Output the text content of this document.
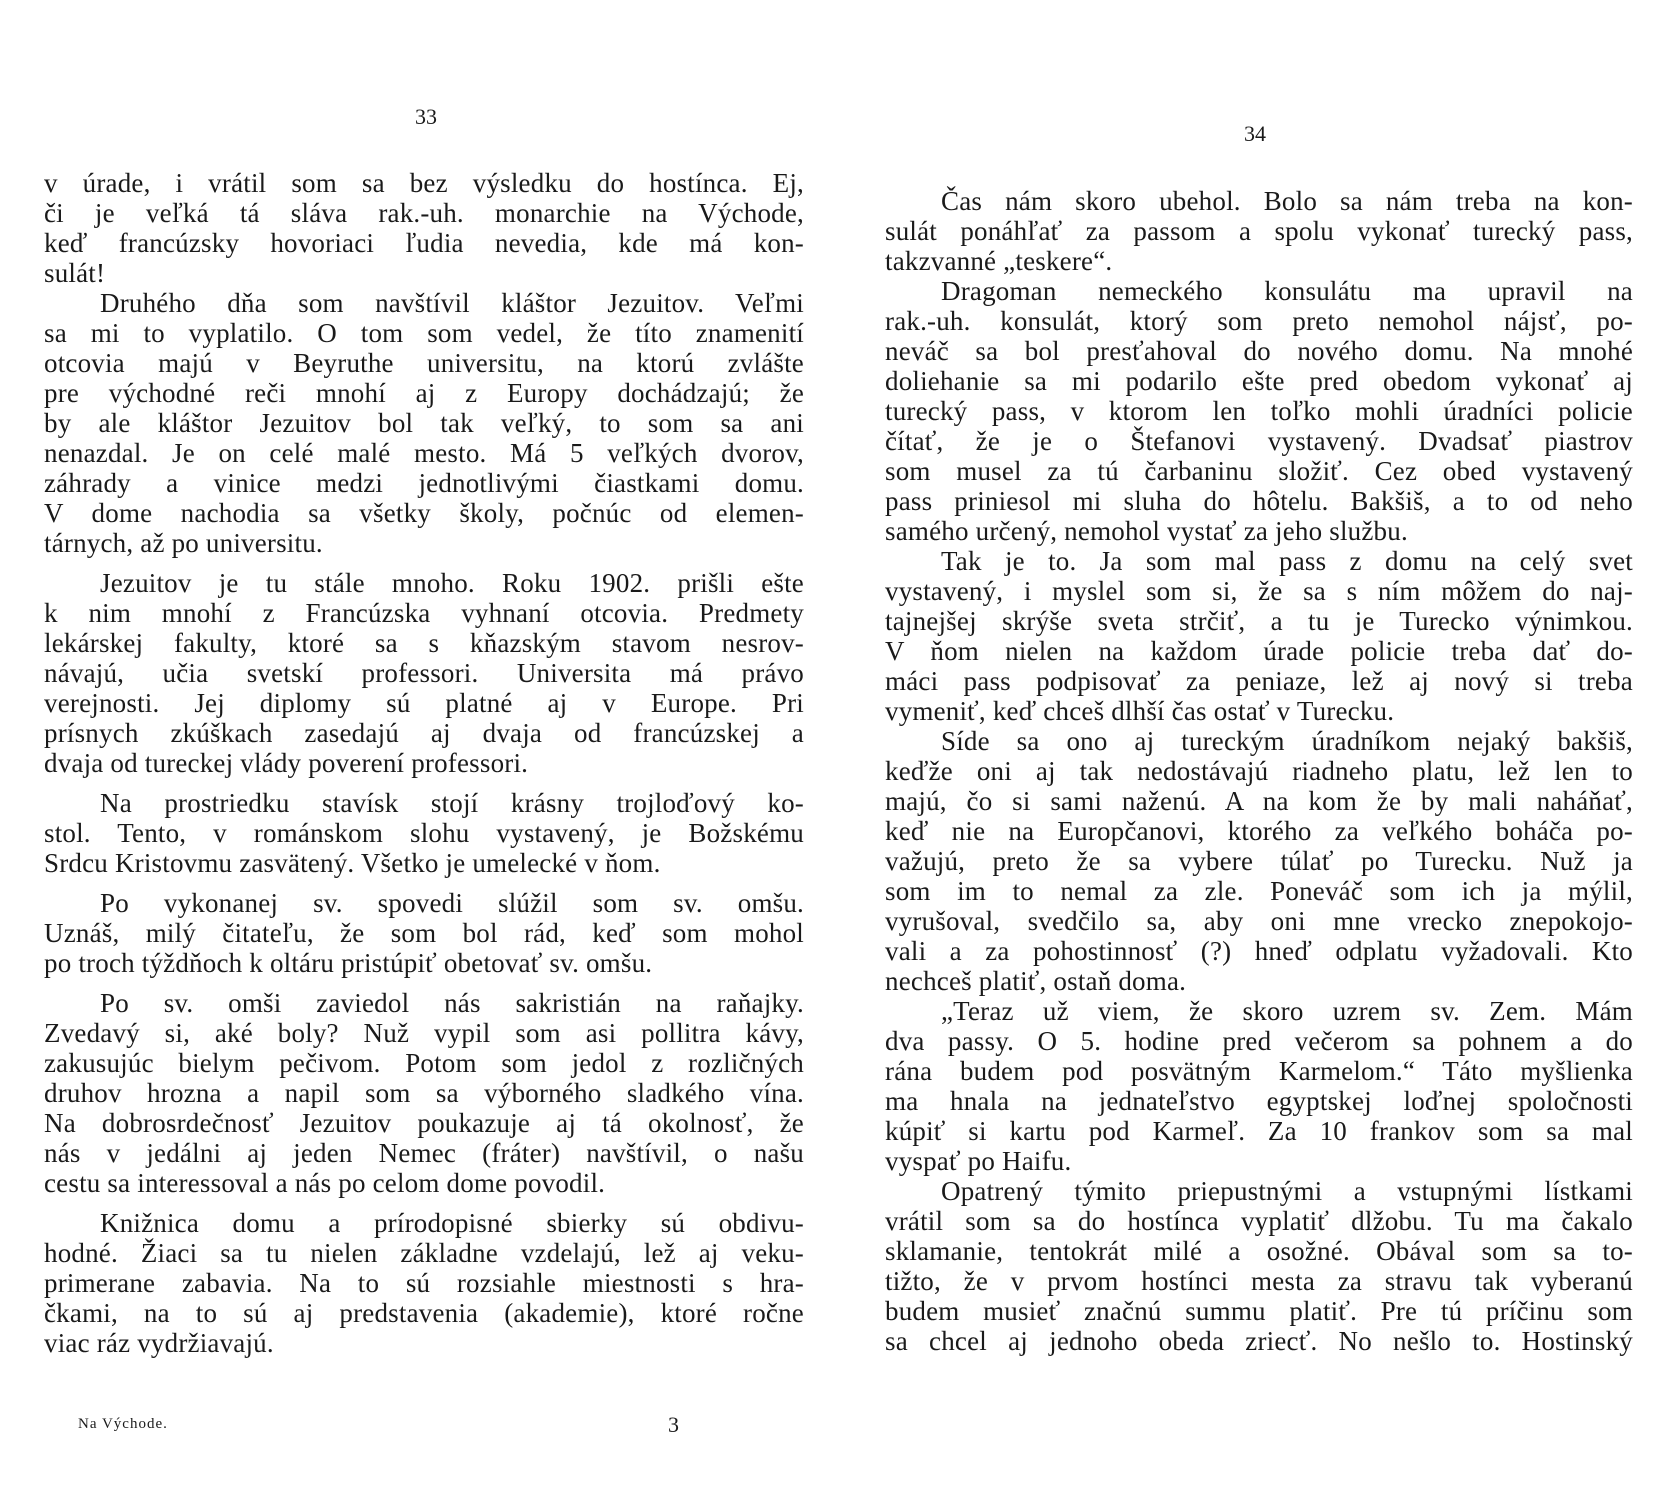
33
v úrade, i vrátil som sa bez výsledku do hostínca. Ej,
či je veľká tá sláva rak.-uh. monarchie na Východe,
keď francúzsky hovoriaci ľudia nevedia, kde má kon-
sulát!
Druhého dňa som navštívil kláštor Jezuitov. Veľmi
sa mi to vyplatilo. O tom som vedel, že títo znamenití
otcovia majú v Beyruthe universitu, na ktorú zvlášte
pre východné reči mnohí aj z Europy dochádzajú; že
by ale kláštor Jezuitov bol tak veľký, to som sa ani
nenazdal. Je on celé malé mesto. Má 5 veľkých dvorov,
záhrady a vinice medzi jednotlivými čiastkami domu.
V dome nachodia sa všetky školy, počnúc od elemen-
tárnych, až po universitu.
Jezuitov je tu stále mnoho. Roku 1902. prišli ešte
k nim mnohí z Francúzska vyhnaní otcovia. Predmety
lekárskej fakulty, ktoré sa s kňazským stavom nesrov-
návajú, učia svetskí professori. Universita má právo
verejnosti. Jej diplomy sú platné aj v Europe. Pri
prísnych zkúškach zasedajú aj dvaja od francúzskej a
dvaja od tureckej vlády poverení professori.
Na prostriedku stavísk stojí krásny trojloďový ko-
stol. Tento, v románskom slohu vystavený, je Božskému
Srdcu Kristovmu zasvätený. Všetko je umelecké v ňom.
Po vykonanej sv. spovedi slúžil som sv. omšu.
Uznáš, milý čitateľu, že som bol rád, keď som mohol
po troch týždňoch k oltáru pristúpiť obetovať sv. omšu.
Po sv. omši zaviedol nás sakristián na raňajky.
Zvedavý si, aké boly? Nuž vypil som asi pollitra kávy,
zakusujúc bielym pečivom. Potom som jedol z rozličných
druhov hrozna a napil som sa výborného sladkého vína.
Na dobrosrdečnosť Jezuitov poukazuje aj tá okolnosť, že
nás v jedálni aj jeden Nemec (fráter) navštívil, o našu
cestu sa interessoval a nás po celom dome povodil.
Knižnica domu a prírodopisné sbierky sú obdivu-
hodné. Žiaci sa tu nielen základne vzdelajú, lež aj veku-
primerane zabavia. Na to sú rozsiahle miestnosti s hra-
čkami, na to sú aj predstavenia (akademie), ktoré ročne
viac ráz vydržiavajú.
Na Východe.	3
34
Čas nám skoro ubehol. Bolo sa nám treba na kon-
sulát ponáhľať za passom a spolu vykonať turecký pass,
takzvanné „teskere“.
Dragoman nemeckého konsulátu ma upravil na
rak.-uh. konsulát, ktorý som preto nemohol nájsť, po-
neváč sa bol presťahoval do nového domu. Na mnohé
doliehanie sa mi podarilo ešte pred obedom vykonať aj
turecký pass, v ktorom len toľko mohli úradníci policie
čítať, že je o Štefanovi vystavený. Dvadsať piastrov
som musel za tú čarbaninu složiť. Cez obed vystavený
pass priniesol mi sluha do hôtelu. Bakšiš, a to od neho
samého určený, nemohol vystať za jeho službu.
Tak je to. Ja som mal pass z domu na celý svet
vystavený, i myslel som si, že sa s ním môžem do naj-
tajnejšej skrýše sveta strčiť, a tu je Turecko výnimkou.
V ňom nielen na každom úrade policie treba dať do-
máci pass podpisovať za peniaze, lež aj nový si treba
vymeniť, keď chceš dlhší čas ostať v Turecku.
Síde sa ono aj tureckým úradníkom nejaký bakšiš,
keďže oni aj tak nedostávajú riadneho platu, lež len to
majú, čo si sami naženú. A na kom že by mali naháňať,
keď nie na Europčanovi, ktorého za veľkého boháča po-
važujú, preto že sa vybere túlať po Turecku. Nuž ja
som im to nemal za zle. Poneváč som ich ja mýlil,
vyrušoval, svedčilo sa, aby oni mne vrecko znepokojo-
vali a za pohostinnosť (?) hneď odplatu vyžadovali. Kto
nechceš platiť, ostaň doma.
„Teraz už viem, že skoro uzrem sv. Zem. Mám
dva passy. O 5. hodine pred večerom sa pohnem a do
rána budem pod posvätným Karmelom.“ Táto myšlienka
ma hnala na jednateľstvo egyptskej loďnej spoločnosti
kúpiť si kartu pod Karmeľ. Za 10 frankov som sa mal
vyspať po Haifu.
Opatrený týmito priepustnými a vstupnými lístkami
vrátil som sa do hostínca vyplatiť dlžobu. Tu ma čakalo
sklamanie, tentokrát milé a osožné. Obával som sa to-
tižto, že v prvom hostínci mesta za stravu tak vyberanú
budem musieť značnú summu platiť. Pre tú príčinu som
sa chcel aj jednoho obeda zriecť. No nešlo to. Hostinský
